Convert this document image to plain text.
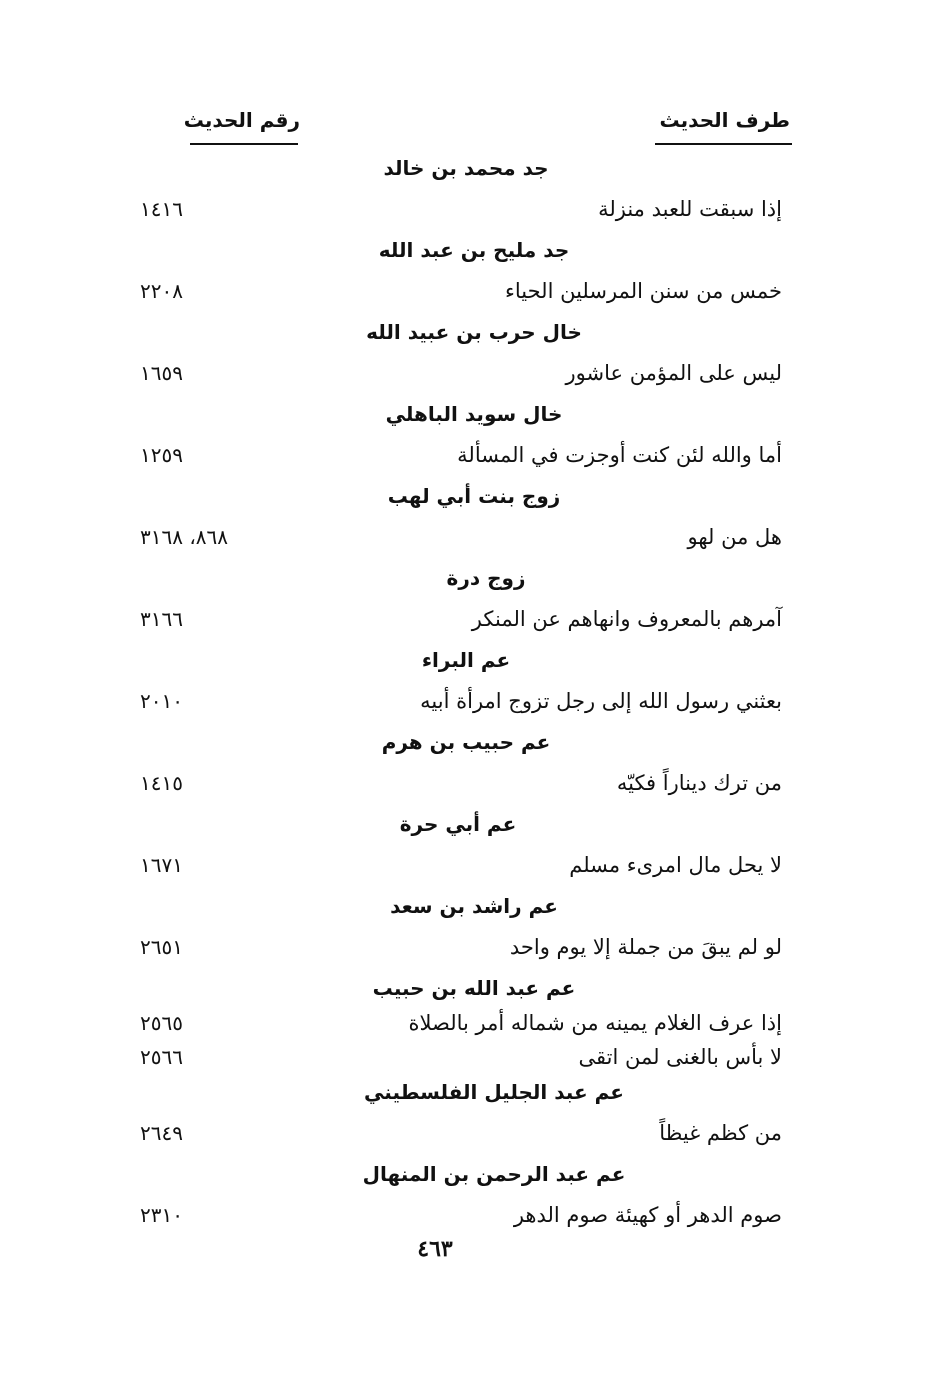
طرف الحديث
رقم الحديث
جد محمد بن خالد
إذا سبقت للعبد منزلة
١٤١٦
جد مليح بن عبد الله
خمس من سنن المرسلين الحياء
٢٢٠٨
خال حرب بن عبيد الله
ليس على المؤمن عاشور
١٦٥٩
خال سويد الباهلي
أما والله لئن كنت أوجزت في المسألة
١٢٥٩
زوج بنت أبي لهب
هل من لهو
٨٦٨، ٣١٦٨
زوج درة
آمرهم بالمعروف وانهاهم عن المنكر
٣١٦٦
عم البراء
بعثني رسول الله إلى رجل تزوج امرأة أبيه
٢٠١٠
عم حبيب بن هرم
من ترك ديناراً فكيّه
١٤١٥
عم أبي حرة
لا يحل مال امرىء مسلم
١٦٧١
عم راشد بن سعد
لو لم يبقَ من جملة إلا يوم واحد
٢٦٥١
عم عبد الله بن حبيب
إذا عرف الغلام يمينه من شماله أمر بالصلاة
٢٥٦٥
لا بأس بالغنى لمن اتقى
٢٥٦٦
عم عبد الجليل الفلسطيني
من كظم غيظاً
٢٦٤٩
عم عبد الرحمن بن المنهال
صوم الدهر أو كهيئة صوم الدهر
٢٣١٠
٤٦٣
